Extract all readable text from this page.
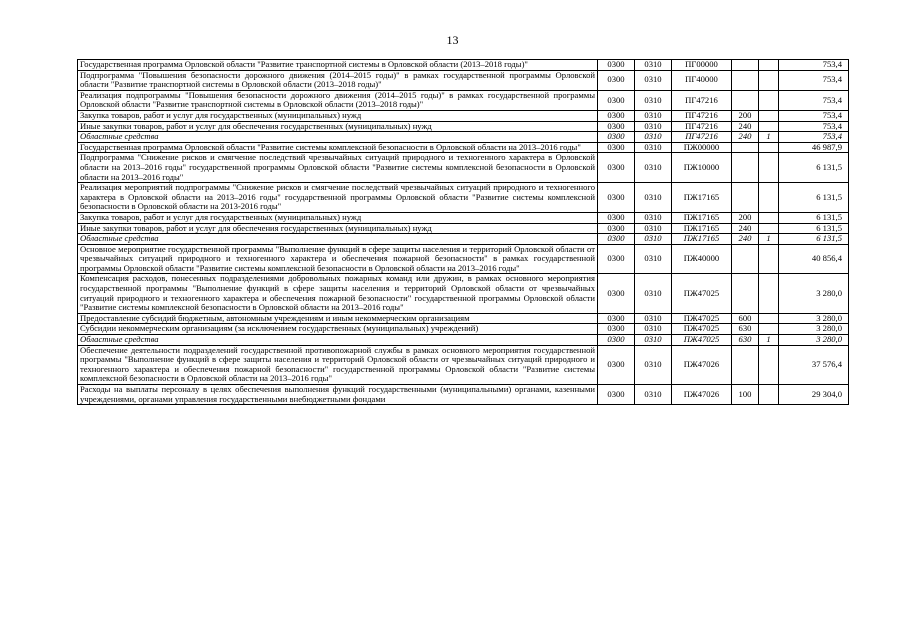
13
Государственная программа Орловской области "Развитие транспортной системы в Орловской области (2013–2018 годы)"	0300	0310	ПГ00000			753,4
Подпрограмма "Повышения безопасности дорожного движения (2014–2015 годы)" в рамках государственной программы Орловской области "Развитие транспортной системы в Орловской области (2013–2018 годы)"	0300	0310	ПГ40000			753,4
Реализация подпрограммы "Повышения безопасности дорожного движения (2014–2015 годы)" в рамках государственной программы Орловской области "Развитие транспортной системы в Орловской области (2013–2018 годы)"	0300	0310	ПГ47216			753,4
Закупка товаров, работ и услуг для государственных (муниципальных) нужд	0300	0310	ПГ47216	200		753,4
Иные закупки товаров, работ и услуг для обеспечения государственных (муниципальных) нужд	0300	0310	ПГ47216	240		753,4
Областные средства	0300	0310	ПГ47216	240	1	753,4
Государственная программа Орловской области "Развитие системы комплексной безопасности в Орловской области на 2013–2016 годы"	0300	0310	ПЖ00000			46 987,9
Подпрограмма "Снижение рисков и смягчение последствий чрезвычайных ситуаций природного и техногенного характера в Орловской области на 2013–2016 годы" государственной программы Орловской области "Развитие системы комплексной безопасности в Орловской области на 2013–2016 годы"	0300	0310	ПЖ10000			6 131,5
Реализация мероприятий подпрограммы "Снижение рисков и смягчение последствий чрезвычайных ситуаций природного и техногенного характера в Орловской области на 2013–2016 годы" государственной программы Орловской области "Развитие системы комплексной безопасности в Орловской области на 2013-2016 годы"	0300	0310	ПЖ17165			6 131,5
Закупка товаров, работ и услуг для государственных (муниципальных) нужд	0300	0310	ПЖ17165	200		6 131,5
Иные закупки товаров, работ и услуг для обеспечения государственных (муниципальных) нужд	0300	0310	ПЖ17165	240		6 131,5
Областные средства	0300	0310	ПЖ17165	240	1	6 131,5
Основное мероприятие государственной программы "Выполнение функций в сфере защиты населения и территорий Орловской области от чрезвычайных ситуаций природного и техногенного характера и обеспечения пожарной безопасности" в рамках государственной программы Орловской области "Развитие системы комплексной безопасности в Орловской области на 2013–2016 годы"	0300	0310	ПЖ40000			40 856,4
Компенсация расходов, понесенных подразделениями добровольных пожарных команд или дружин, в рамках основного мероприятия государственной программы "Выполнение функций в сфере защиты населения и территорий Орловской области от чрезвычайных ситуаций природного и техногенного характера и обеспечения пожарной безопасности" государственной программы Орловской области "Развитие системы комплексной безопасности в Орловской области на 2013–2016 годы"	0300	0310	ПЖ47025			3 280,0
Предоставление субсидий бюджетным, автономным учреждениям и иным некоммерческим организациям	0300	0310	ПЖ47025	600		3 280,0
Субсидии некоммерческим организациям (за исключением государственных (муниципальных) учреждений)	0300	0310	ПЖ47025	630		3 280,0
Областные средства	0300	0310	ПЖ47025	630	1	3 280,0
Обеспечение деятельности подразделений государственной противопожарной службы в рамках основного мероприятия государственной программы "Выполнение функций в сфере защиты населения и территорий Орловской области от чрезвычайных ситуаций природного и техногенного характера и обеспечения пожарной безопасности" государственной программы Орловской области "Развитие системы комплексной безопасности в Орловской области на 2013–2016 годы"	0300	0310	ПЖ47026			37 576,4
Расходы на выплаты персоналу в целях обеспечения выполнения функций государственными (муниципальными) органами, казенными учреждениями, органами управления государственными внебюджетными фондами	0300	0310	ПЖ47026	100		29 304,0
